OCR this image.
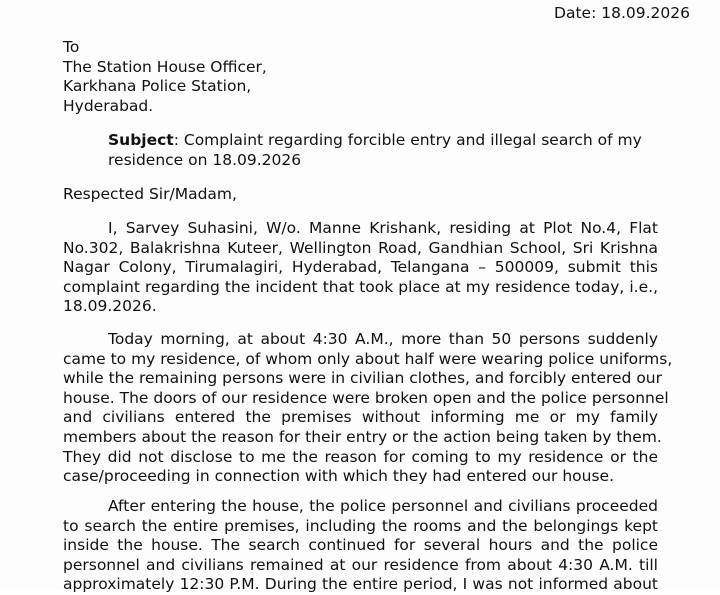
Date: 18.09.2026
To
The Station House Officer,
Karkhana Police Station,
Hyderabad.
Subject: Complaint regarding forcible entry and illegal search of my residence on 18.09.2026
Respected Sir/Madam,
I, Sarvey Suhasini, W/o. Manne Krishank, residing at Plot No.4, Flat
No.302, Balakrishna Kuteer, Wellington Road, Gandhian School, Sri Krishna
Nagar Colony, Tirumalagiri, Hyderabad, Telangana – 500009, submit this
complaint regarding the incident that took place at my residence today, i.e.,
18.09.2026.
Today morning, at about 4:30 A.M., more than 50 persons suddenly
came to my residence, of whom only about half were wearing police uniforms,
while the remaining persons were in civilian clothes, and forcibly entered our
house. The doors of our residence were broken open and the police personnel
and civilians entered the premises without informing me or my family
members about the reason for their entry or the action being taken by them.
They did not disclose to me the reason for coming to my residence or the
case/proceeding in connection with which they had entered our house.
After entering the house, the police personnel and civilians proceeded
to search the entire premises, including the rooms and the belongings kept
inside the house. The search continued for several hours and the police
personnel and civilians remained at our residence from about 4:30 A.M. till
approximately 12:30 P.M. During the entire period, I was not informed about
